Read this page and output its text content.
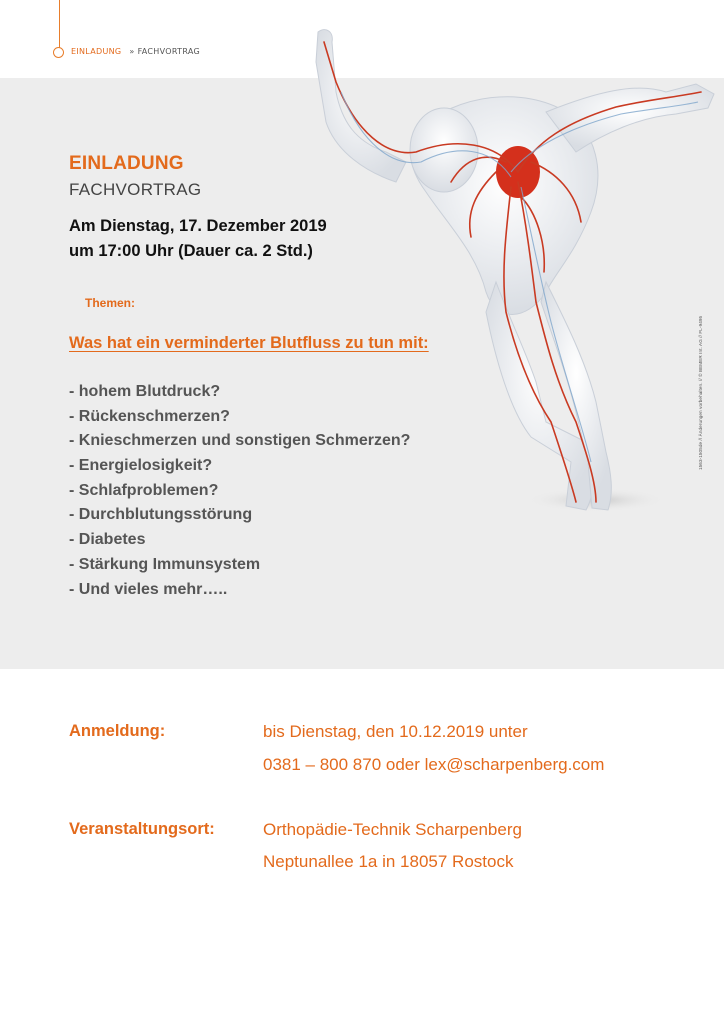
EINLADUNG » FACHVORTRAG
1563-1505de // Änderungen vorbehalten. // © BEMER Int. AG // FL-9495
EINLADUNG
FACHVORTRAG
Am Dienstag, 17. Dezember 2019
um 17:00 Uhr (Dauer ca. 2 Std.)
Themen:
Was hat ein verminderter Blutfluss zu tun mit:
- hohem Blutdruck?
- Rückenschmerzen?
- Knieschmerzen und sonstigen Schmerzen?
- Energielosigkeit?
- Schlafproblemen?
- Durchblutungsstörung
- Diabetes
- Stärkung Immunsystem
- Und vieles mehr…..
Anmeldung:	bis Dienstag, den 10.12.2019 unter
0381 – 800 870 oder lex@scharpenberg.com
Veranstaltungsort:	Orthopädie-Technik Scharpenberg
Neptunallee 1a in 18057 Rostock
